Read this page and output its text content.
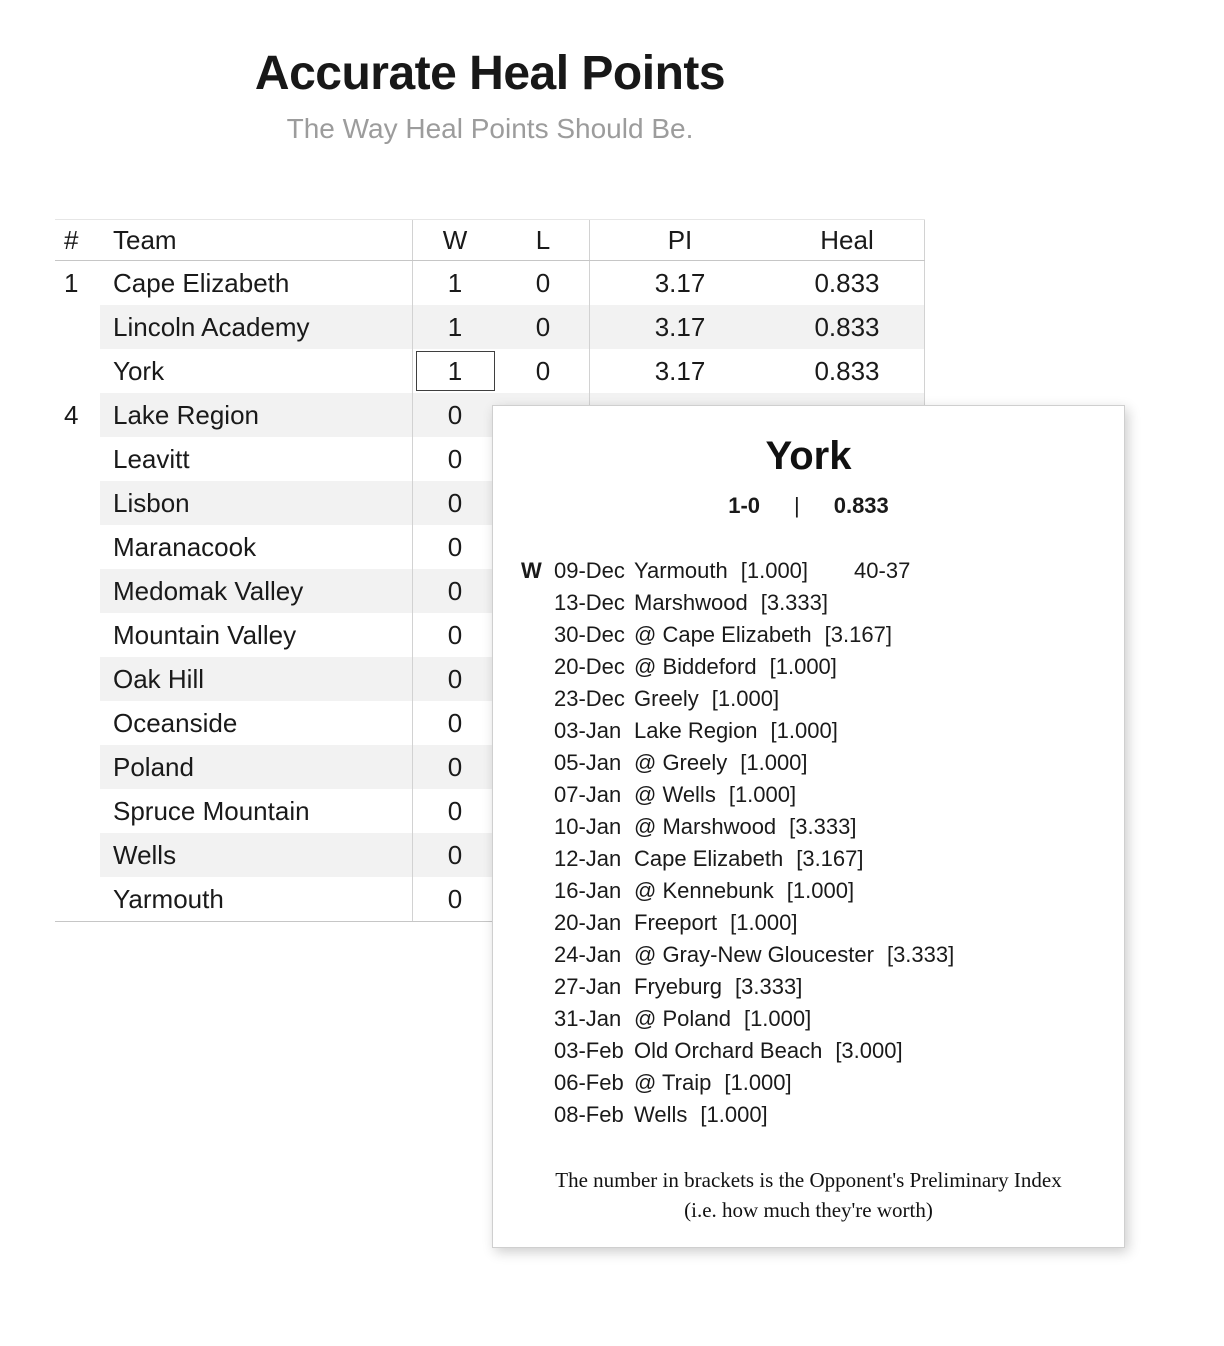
Accurate Heal Points
The Way Heal Points Should Be.
#	Team	W	L	PI	Heal
1	Cape Elizabeth	1	0	3.17	0.833
Lincoln Academy	1	0	3.17	0.833
York	1	0	3.17	0.833
4	Lake Region	0
Leavitt	0
Lisbon	0
Maranacook	0
Medomak Valley	0
Mountain Valley	0
Oak Hill	0
Oceanside	0
Poland	0
Spruce Mountain	0
Wells	0
Yarmouth	0
York
1-0 | 0.833
W 09-Dec Yarmouth [1.000] 40-37
13-Dec Marshwood [3.333]
30-Dec @ Cape Elizabeth [3.167]
20-Dec @ Biddeford [1.000]
23-Dec Greely [1.000]
03-Jan Lake Region [1.000]
05-Jan @ Greely [1.000]
07-Jan @ Wells [1.000]
10-Jan @ Marshwood [3.333]
12-Jan Cape Elizabeth [3.167]
16-Jan @ Kennebunk [1.000]
20-Jan Freeport [1.000]
24-Jan @ Gray-New Gloucester [3.333]
27-Jan Fryeburg [3.333]
31-Jan @ Poland [1.000]
03-Feb Old Orchard Beach [3.000]
06-Feb @ Traip [1.000]
08-Feb Wells [1.000]
The number in brackets is the Opponent's Preliminary Index
(i.e. how much they're worth)
